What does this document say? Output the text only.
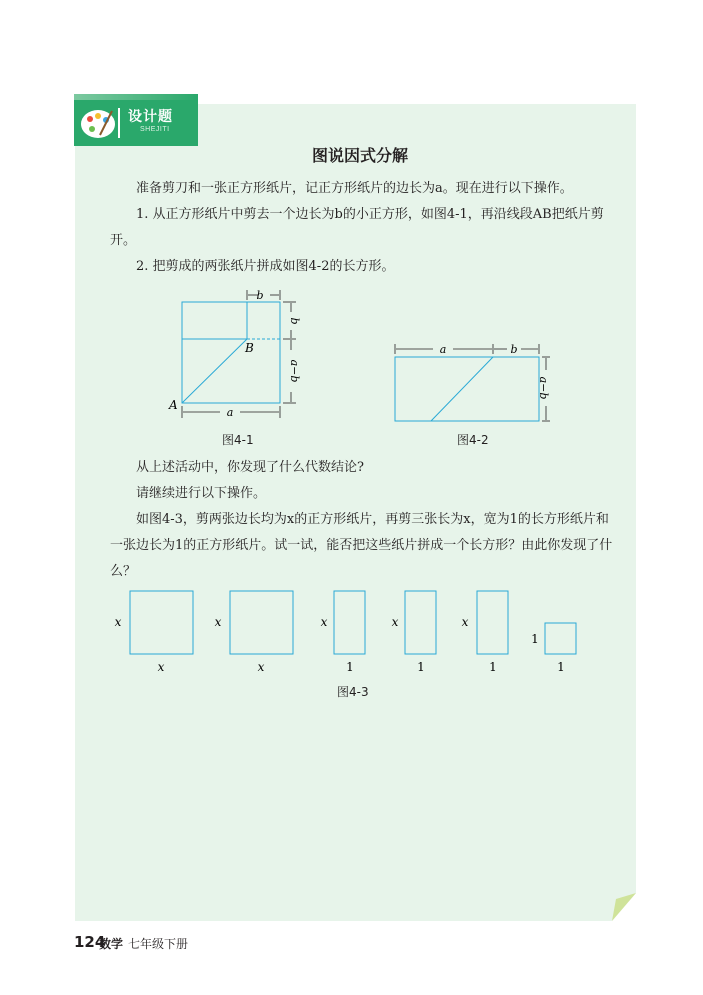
设计题
SHEJITI
图说因式分解

准备剪刀和一张正方形纸片，记正方形纸片的边长为a。现在进行以下操作。

1. 从正方形纸片中剪去一个边长为b的小正方形，如图4-1，再沿线段AB把纸片剪开。

2. 把剪成的两张纸片拼成如图4-2的长方形。

b
b
a−b
a
A
B
图4-1
a	b
a−b
图4-2

从上述活动中，你发现了什么代数结论?

请继续进行以下操作。

如图4-3，剪两张边长均为x的正方形纸片，再剪三张长为x，宽为1的长方形纸片和一张边长为1的正方形纸片。试一试，能否把这些纸片拼成一个长方形？由此你发现了什么？

x
x
x
x
x	x	x
1	1	1
1
1
图4-3
124
数学 七年级下册
